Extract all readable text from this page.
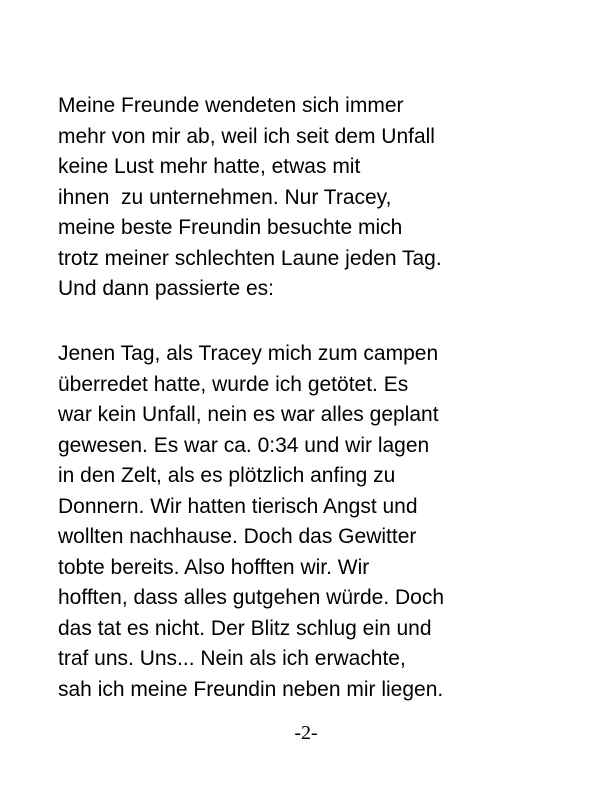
Meine Freunde wendeten sich immer
mehr von mir ab, weil ich seit dem Unfall
keine Lust mehr hatte, etwas mit
ihnen  zu unternehmen. Nur Tracey,
meine beste Freundin besuchte mich
trotz meiner schlechten Laune jeden Tag.
Und dann passierte es:

Jenen Tag, als Tracey mich zum campen
überredet hatte, wurde ich getötet. Es
war kein Unfall, nein es war alles geplant
gewesen. Es war ca. 0:34 und wir lagen
in den Zelt, als es plötzlich anfing zu
Donnern. Wir hatten tierisch Angst und
wollten nachhause. Doch das Gewitter
tobte bereits. Also hofften wir. Wir
hofften, dass alles gutgehen würde. Doch
das tat es nicht. Der Blitz schlug ein und
traf uns. Uns... Nein als ich erwachte,
sah ich meine Freundin neben mir liegen.

-2-
